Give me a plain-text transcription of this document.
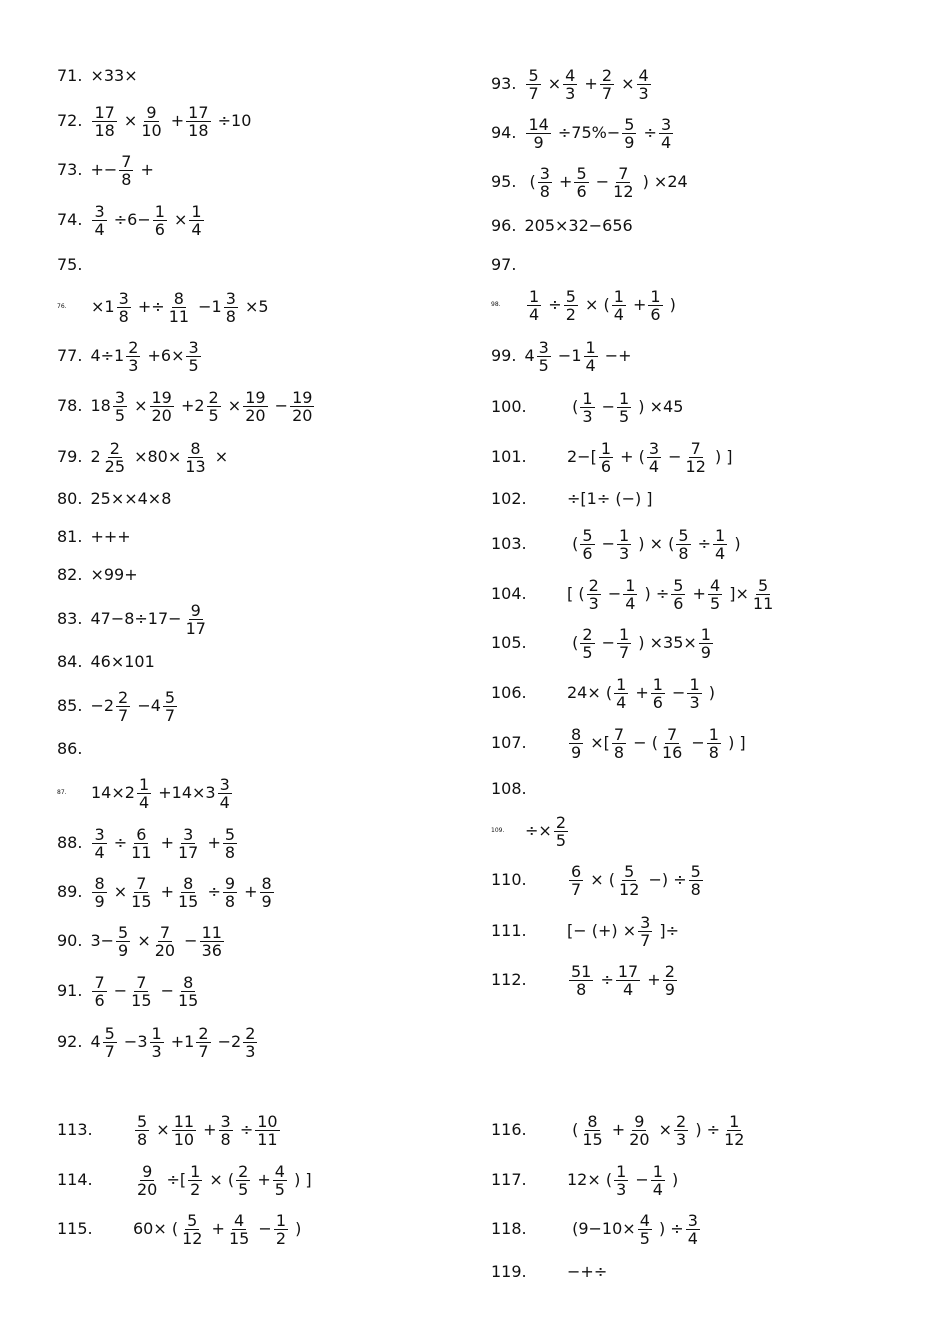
71. ×33×
72. $\frac{17}{18} \times \frac{9}{10} + \frac{17}{18} \div 10$
73. +− $\frac{7}{8}$ +
74. $\frac{3}{4} \div 6- \frac{1}{6} \times \frac{1}{4}$
75.
76.	$\times 1 \frac{3}{8} +\div \frac{8}{11} -1 \frac{3}{8} \times 5$
77. $4\div 1 \frac{2}{3} +6\times \frac{3}{5}$
78. $18 \frac{3}{5} \times \frac{19}{20} +2 \frac{2}{5} \times \frac{19}{20} - \frac{19}{20}$
79. $2 \frac{2}{25} \times 80\times \frac{8}{13}$ ×
80. 25××4×8
81. +++
82. ×99+
83. $47-8\div 17- \frac{9}{17}$
84. 46×101
85. $-2 \frac{2}{7} -4 \frac{5}{7}$
86.
87.	$14\times 2 \frac{1}{4} +14\times 3 \frac{3}{4}$
88. $\frac{3}{4} \div \frac{6}{11} + \frac{3}{17} + \frac{5}{8}$
89. $\frac{8}{9} \times \frac{7}{15} + \frac{8}{15} \div \frac{9}{8} + \frac{8}{9}$
90. $3- \frac{5}{9} \times \frac{7}{20} - \frac{11}{36}$
91. $\frac{7}{6} - \frac{7}{15} - \frac{8}{15}$
92. $4 \frac{5}{7} -3 \frac{1}{3} +1 \frac{2}{7} -2 \frac{2}{3}$
93. $\frac{5}{7} \times \frac{4}{3} + \frac{2}{7} \times \frac{4}{3}$
94. $\frac{14}{9} \div 75\%- \frac{5}{9} \div \frac{3}{4}$
95. ( $\frac{3}{8} + \frac{5}{6} - \frac{7}{12}$ ) ×24
96. 205×32−656
97.
98.	$\frac{1}{4} \div \frac{5}{2}$ × ( $\frac{1}{4} + \frac{1}{6}$ )
99. $4 \frac{3}{5} -1 \frac{1}{4}$ −+
100.	( $\frac{1}{3} - \frac{1}{5}$ ) ×45
101.	$2-[ \frac{1}{6}$ + ( $\frac{3}{4} - \frac{7}{12}$ ) ]
102.	÷[1÷ (−) ]
103.	( $\frac{5}{6} - \frac{1}{3}$ ) × ( $\frac{5}{8} \div \frac{1}{4}$ )
104.	[ ( $\frac{2}{3} - \frac{1}{4}$ ) ÷ $\frac{5}{6} + \frac{4}{5}$ ]× $\frac{5}{11}$
105.	( $\frac{2}{5} - \frac{1}{7}$ ) $\times 35\times \frac{1}{9}$
106.	24× ( $\frac{1}{4} + \frac{1}{6} - \frac{1}{3}$ )
107.	$\frac{8}{9}$ ×[ $\frac{7}{8}$ − ( $\frac{7}{16} - \frac{1}{8}$ ) ]
108.
109.	÷× $\frac{2}{5}$
110.	$\frac{6}{7}$ × ( $\frac{5}{12}$ −) ÷ $\frac{5}{8}$
111.	[− (+) × $\frac{3}{7}$ ]÷
112.	$\frac{51}{8} \div \frac{17}{4} + \frac{2}{9}$
113.	$\frac{5}{8} \times \frac{11}{10} + \frac{3}{8} \div \frac{10}{11}$
114.	$\frac{9}{20}$ ÷[ $\frac{1}{2}$ × ( $\frac{2}{5} + \frac{4}{5}$ ) ]
115.	60× ( $\frac{5}{12} + \frac{4}{15} - \frac{1}{2}$ )
116.	( $\frac{8}{15} + \frac{9}{20} \times \frac{2}{3}$ ) ÷ $\frac{1}{12}$
117.	12× ( $\frac{1}{3} - \frac{1}{4}$ )
118.	($9-10\times \frac{4}{5}$ ) ÷ $\frac{3}{4}$
119.	−+÷
